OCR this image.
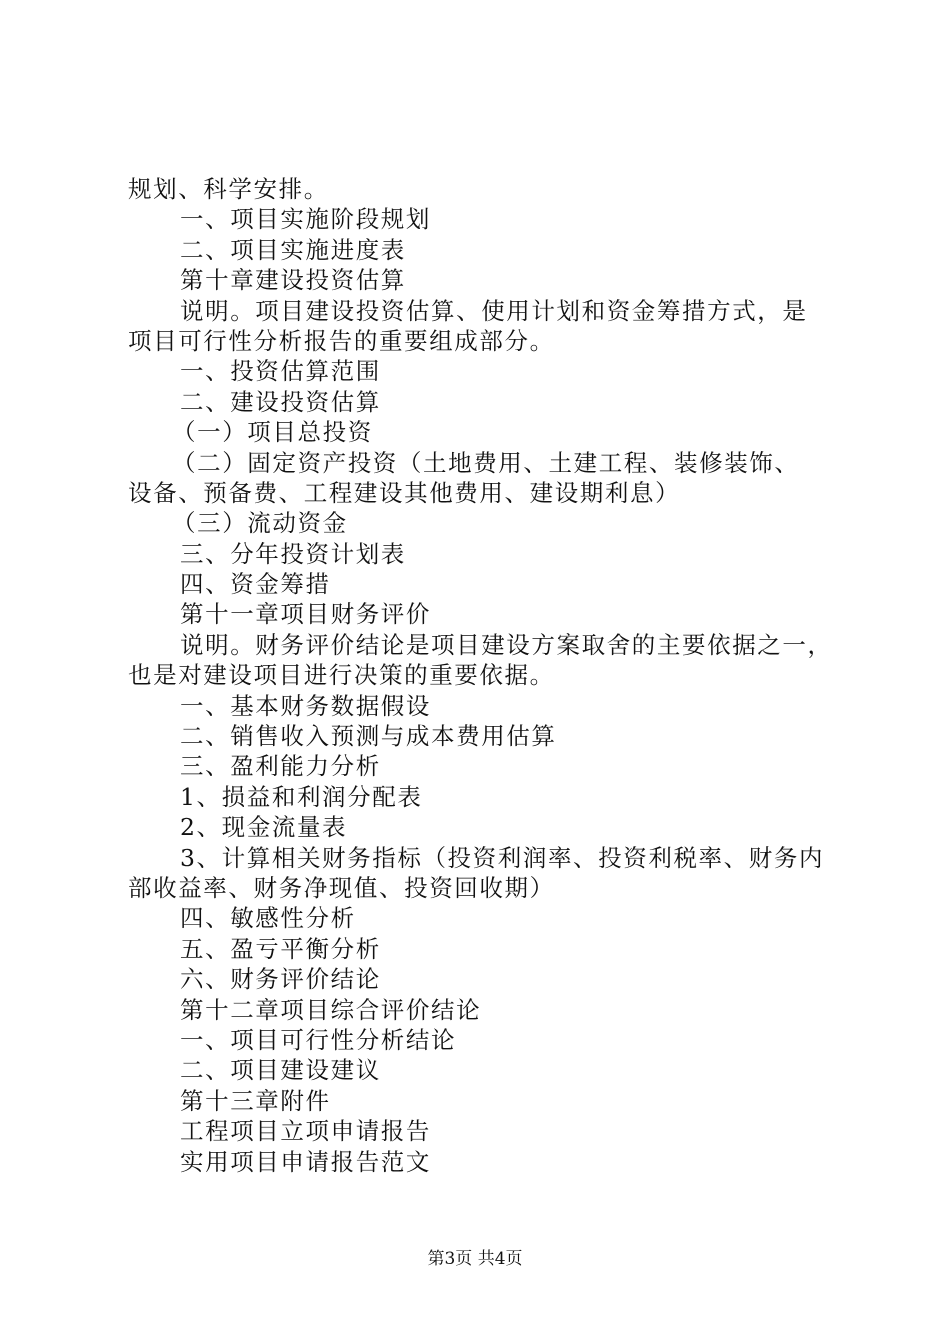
规划、科学安排。
一、项目实施阶段规划
二、项目实施进度表
第十章建设投资估算
说明。项目建设投资估算、使用计划和资金筹措方式，是
项目可行性分析报告的重要组成部分。
一、投资估算范围
二、建设投资估算
（一）项目总投资
（二）固定资产投资（土地费用、土建工程、装修装饰、
设备、预备费、工程建设其他费用、建设期利息）
（三）流动资金
三、分年投资计划表
四、资金筹措
第十一章项目财务评价
说明。财务评价结论是项目建设方案取舍的主要依据之一，
也是对建设项目进行决策的重要依据。
一、基本财务数据假设
二、销售收入预测与成本费用估算
三、盈利能力分析
1、损益和利润分配表
2、现金流量表
3、计算相关财务指标（投资利润率、投资利税率、财务内
部收益率、财务净现值、投资回收期）
四、敏感性分析
五、盈亏平衡分析
六、财务评价结论
第十二章项目综合评价结论
一、项目可行性分析结论
二、项目建设建议
第十三章附件
工程项目立项申请报告
实用项目申请报告范文
第3页 共4页
